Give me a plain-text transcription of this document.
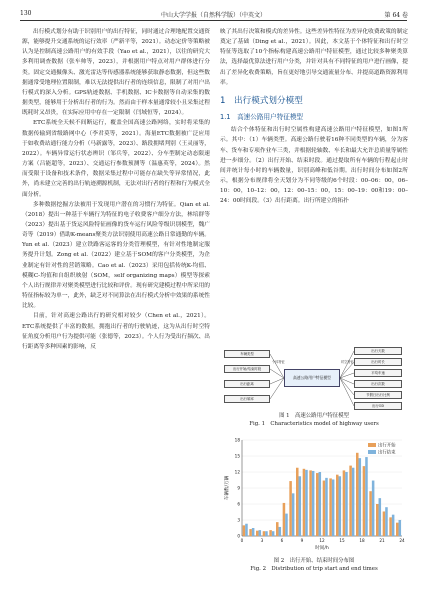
130	中山大学学报（自然科学版）（中英文）	第 64 卷

出行模式划分有助于识别用户的出行特征，同时通过合理地配置交通资源，能够提升交通系统的运行效率（严新平等，2021）。动态定价等策略被认为是控制高速公路用户的有效手段（Yao et al.，2021），以往的研究大多利用调查数据（张车帅等，2023），并根据用户特点对用户群体进行分类。固定交通摄像头、激光雷达等传感器系统能够获取静态数据，但这些数据通常受地理位置限制，难以无法提供出行者的连续信息，限制了对用户出行模式的深入分析。GPS轨迹数据、手机数据、IC卡数据等自动采集的数据类型，能够用于分析出行者的行为。然而由于样本量通常较小且采集过程既耗时又昂贵，在实际应用中存在一定限制（闫域恒等，2024）。

ETC系统全天候不间断运行，覆盖全国高速公路网络，实时将采集的数据传输到省级路网中心（李君莫等，2021）。海量ETC数据被广泛应用于如收费站通行能力分析（马新露等，2023）、路段拥堵判别（王灵丽等，2022）。车辆异常运行状态辨识（邹兵等，2022）、分车型制定动态限速方案（吕能超等，2023）、交通运行参数预测等（温惠英等，2024）。然而受限于设备和技术条件，数据采集过程中可能存在缺失等异常情况，此外，尚未建立完善的出行轨迹溯源机制，无法对出行者的行程和行为模式全面分析。

多种数据挖掘方法被用于发现用户潜在的习惯行为特征。Qian et al.（2018）提出一种基于车辆行为特征的电子收费客户细分方法，林培群等（2023）提出基于货运风险特征画像的货车运行风险等级识别模型，魏广奇等（2019）借助K-means聚类方法识别使用高速公路日常通勤的车辆。Yun et al.（2023）建立铁路客运客的分类管理模型，有针对性地制定服务提升计划。Zong et al.（2022）建立基于SOM的客户分类模型，为企业制定有针对性的营销策略。Cao et al.（2023）采用包括传统K-均值、模糊C-均值和自组织映射（SOM，self organizing maps）模型等探索个人出行规律并对聚类模型进行比较和评价。现有研究建模过程中所采用的特征指标较为单一，此外，缺乏对不同算法在出行模式分析中效果的系统性比较。

目前，针对高速公路出行的研究相对较少（Chen et al.，2021）。ETC系统提供了丰富的数据，拥抱出行者的行驶轨迹，这为从出行时空特征角度分析用户行为提供可能（张德等，2023）。个人行为受出行频次、出行距离等多种因素的影响，反

映了其出行决策和模式的差异性。这些差异性特征为差异化收费政策的制定奠定了基础（Ding et al.，2021）。因此，本文基于个体特征和出行时空特征等选取了10个指标构建高速公路用户特征模型，通过比较多种聚类算法，选择最优算法进行用户分类，并针对具有不同特征的用户进行画像，提出了差异化收费策略，旨在更好地引导交通流量分布、并提高道路资源利用率。

1　出行模式划分模型
1.1　高速公路用户特征模型

结合个体特征和出行时空属性构建高速公路用户特征模型，如图1所示。其中：（1）车辆类型。高速公路行驶着16种不同类型的车辆，分为客车、货车和专项作业车三类，并根据轮轴数、车长和最大允许总质量等属性进一步细分。（2）出行开始、结束时段。通过提取所有车辆的行程起止时间并统计每小时的车辆数量，识别高峰和低谷期。出行时间分布如图2所示，根据分布规律将全天划分为不同等级的6个时段：00–06：00，06–10：00，10–12：00，12：00–15：00，15：00–19：00和19：00–24：00时间段。（3）出行距离。出行所建立的拓扑

车辆类型
出行开始/结束时段
出行距离
出行频率
高速公路用户特征模型
出行天数
出行时长
平均车速
出行次数
节假日出行比例
出行OD
个体特征	时空特征
图 1　高速公路用户特征模型
Fig. 1　Characteristics model of highway users
0
3
6
9
12
15
18
0	3	6	9	12	15	18	21	24
时间/h
车辆数/万辆
出行开始
出行结束
图 2　出行开始、结束时间分布图
Fig. 2　Distribution of trip start and end times
